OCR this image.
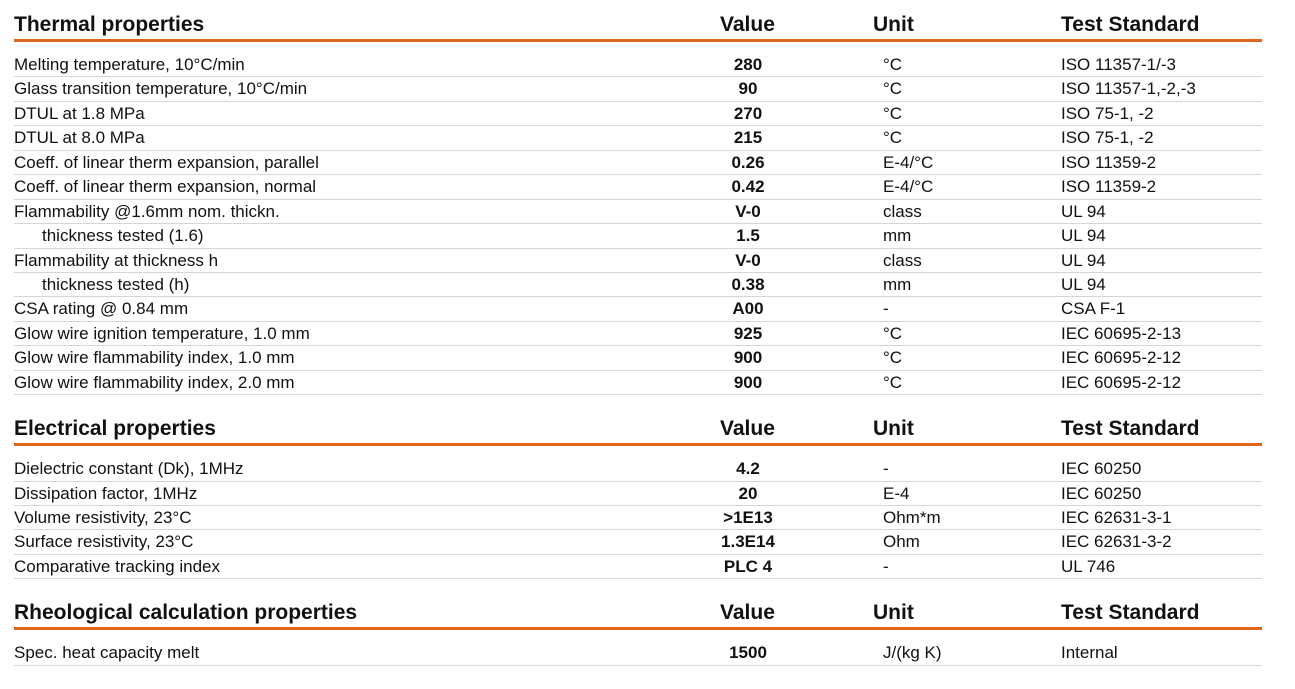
Thermal properties	Value	Unit	Test Standard
Melting temperature, 10°C/min	280	°C	ISO 11357-1/-3
Glass transition temperature, 10°C/min	90	°C	ISO 11357-1,-2,-3
DTUL at 1.8 MPa	270	°C	ISO 75-1, -2
DTUL at 8.0 MPa	215	°C	ISO 75-1, -2
Coeff. of linear therm expansion, parallel	0.26	E-4/°C	ISO 11359-2
Coeff. of linear therm expansion, normal	0.42	E-4/°C	ISO 11359-2
Flammability @1.6mm nom. thickn.	V-0	class	UL 94
thickness tested (1.6)	1.5	mm	UL 94
Flammability at thickness h	V-0	class	UL 94
thickness tested (h)	0.38	mm	UL 94
CSA rating @ 0.84 mm	A00	-	CSA F-1
Glow wire ignition temperature, 1.0 mm	925	°C	IEC 60695-2-13
Glow wire flammability index, 1.0 mm	900	°C	IEC 60695-2-12
Glow wire flammability index, 2.0 mm	900	°C	IEC 60695-2-12
Electrical properties	Value	Unit	Test Standard
Dielectric constant (Dk), 1MHz	4.2	-	IEC 60250
Dissipation factor, 1MHz	20	E-4	IEC 60250
Volume resistivity, 23°C	>1E13	Ohm*m	IEC 62631-3-1
Surface resistivity, 23°C	1.3E14	Ohm	IEC 62631-3-2
Comparative tracking index	PLC 4	-	UL 746
Rheological calculation properties	Value	Unit	Test Standard
Spec. heat capacity melt	1500	J/(kg K)	Internal
